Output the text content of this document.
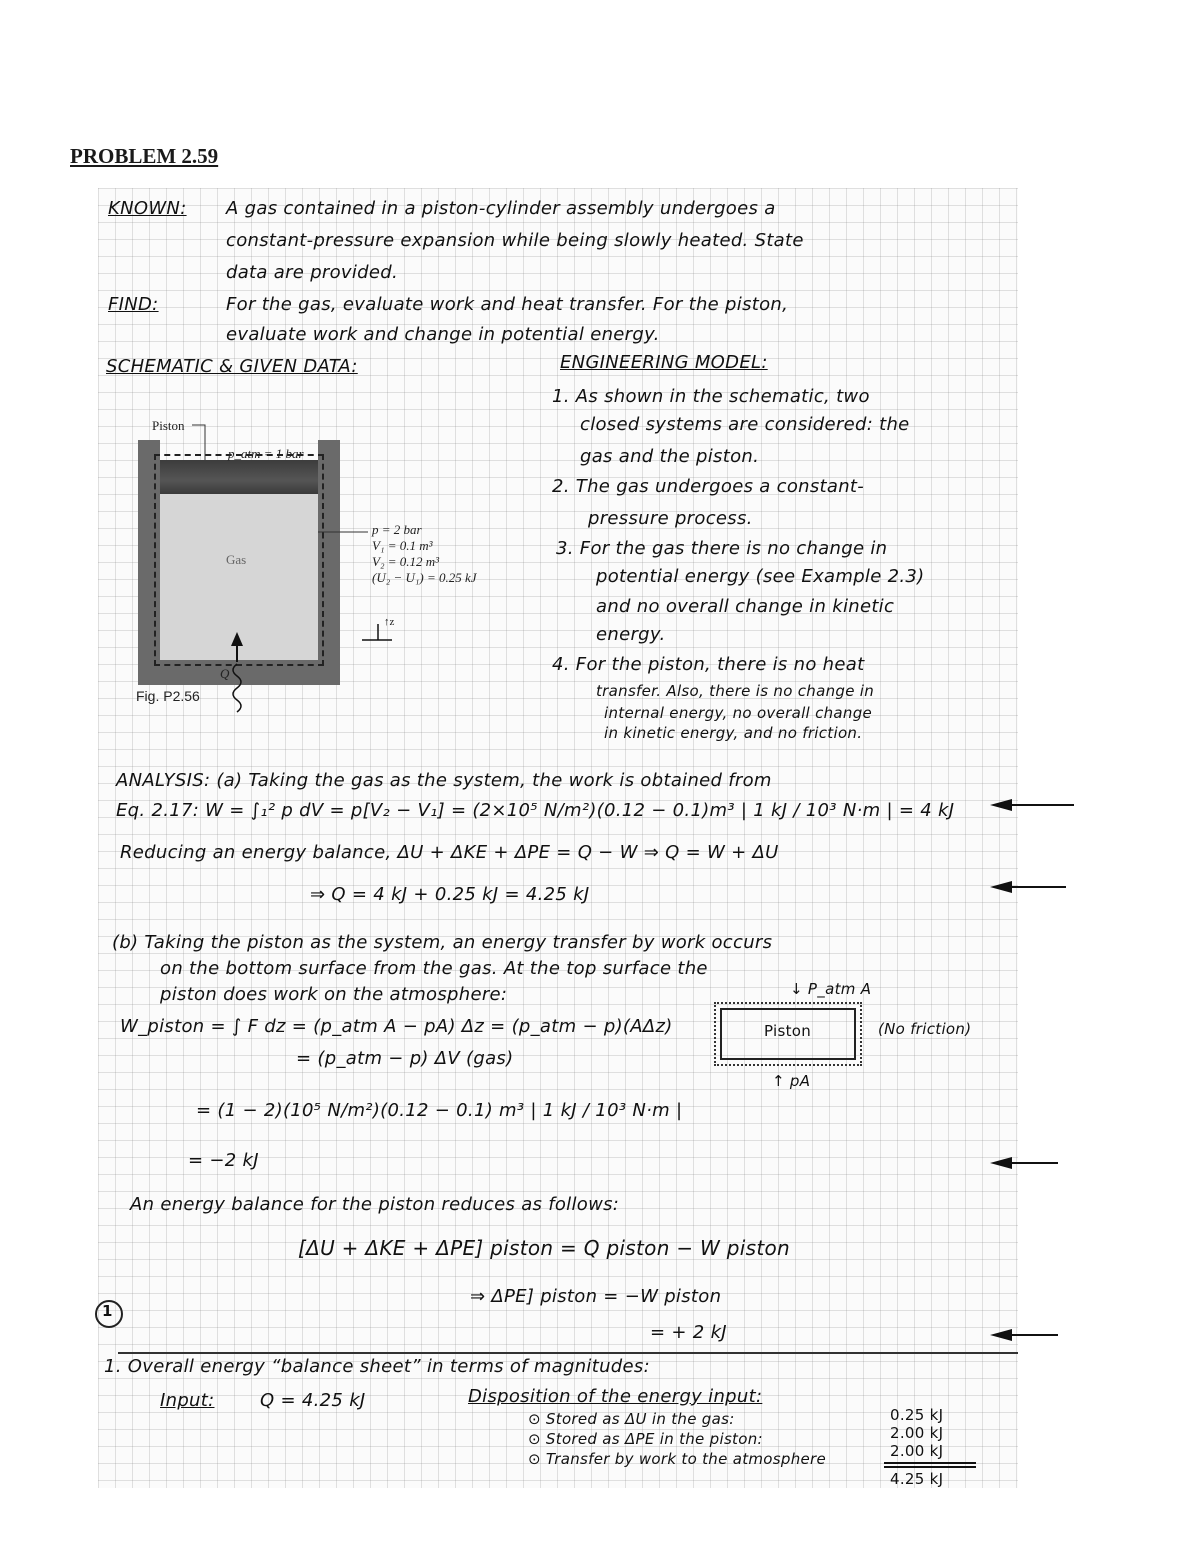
PROBLEM 2.59
KNOWN: A gas contained in a piston-cylinder assembly undergoes a
constant-pressure expansion while being slowly heated. State
data are provided.
FIND:	For the gas, evaluate work and heat transfer. For the piston,
evaluate work and change in potential energy.
SCHEMATIC & GIVEN DATA:	ENGINEERING MODEL:
1. As shown in the schematic, two
closed systems are considered: the
gas and the piston.
2. The gas undergoes a constant-
pressure process.
3. For the gas there is no change in
potential energy (see Example 2.3)
and no overall change in kinetic
energy.
4. For the piston, there is no heat
transfer. Also, there is no change in
internal energy, no overall change
in kinetic energy, and no friction.
Piston
p_atm = 1 bar
Gas
p = 2 bar
V₁ = 0.1 m³
V₂ = 0.12 m³
(U₂ − U₁) = 0.25 kJ
↑z
Q
Fig. P2.56
ANALYSIS: (a) Taking the gas as the system, the work is obtained from
Eq. 2.17: W = ∫₁² p dV = p[V₂ − V₁] = (2×10⁵ N/m²)(0.12 − 0.1)m³ | 1 kJ / 10³ N·m | = 4 kJ
Reducing an energy balance, ΔU + ΔKE + ΔPE = Q − W ⇒ Q = W + ΔU
⇒ Q = 4 kJ + 0.25 kJ = 4.25 kJ
(b) Taking the piston as the system, an energy transfer by work occurs
on the bottom surface from the gas. At the top surface the
piston does work on the atmosphere:
W_piston = ∫ F dz = (p_atm A − pA) Δz = (p_atm − p)(AΔz)
= (p_atm − p) ΔV (gas)
= (1 − 2)(10⁵ N/m²)(0.12 − 0.1) m³ | 1 kJ / 10³ N·m |
= −2 kJ
↓ P_atm A
Piston
↑ pA
(No friction)
An energy balance for the piston reduces as follows:
[ΔU + ΔKE + ΔPE] piston = Q piston − W piston
⇒ ΔPE] piston = −W piston
= + 2 kJ
1
1. Overall energy “balance sheet” in terms of magnitudes:
Input:	Q = 4.25 kJ	Disposition of the energy input:
⊙ Stored as ΔU in the gas:	0.25 kJ
⊙ Stored as ΔPE in the piston:	2.00 kJ
⊙ Transfer by work to the atmosphere	2.00 kJ
4.25 kJ
